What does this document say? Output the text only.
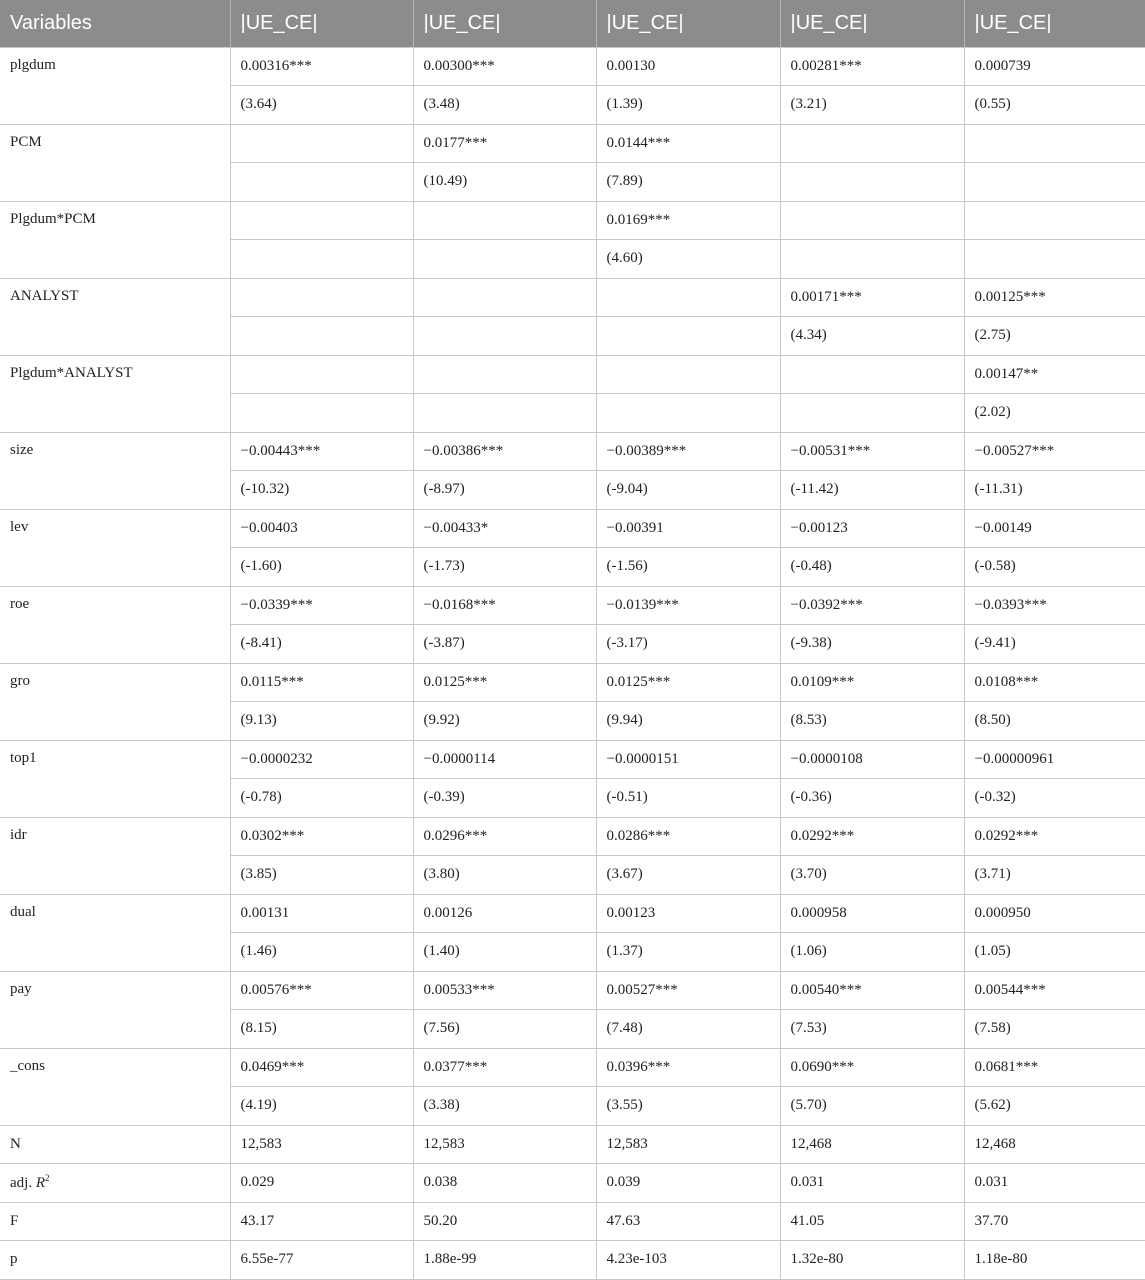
Variables	|UE_CE|	|UE_CE|	|UE_CE|	|UE_CE|	|UE_CE|
plgdum	0.00316***	0.00300***	0.00130	0.00281***	0.000739
	(3.64)	(3.48)	(1.39)	(3.21)	(0.55)
PCM		0.0177***	0.0144***		
		(10.49)	(7.89)		
Plgdum*PCM			0.0169***		
			(4.60)		
ANALYST				0.00171***	0.00125***
				(4.34)	(2.75)
Plgdum*ANALYST					0.00147**
					(2.02)
size	−0.00443***	−0.00386***	−0.00389***	−0.00531***	−0.00527***
	(-10.32)	(-8.97)	(-9.04)	(-11.42)	(-11.31)
lev	−0.00403	−0.00433*	−0.00391	−0.00123	−0.00149
	(-1.60)	(-1.73)	(-1.56)	(-0.48)	(-0.58)
roe	−0.0339***	−0.0168***	−0.0139***	−0.0392***	−0.0393***
	(-8.41)	(-3.87)	(-3.17)	(-9.38)	(-9.41)
gro	0.0115***	0.0125***	0.0125***	0.0109***	0.0108***
	(9.13)	(9.92)	(9.94)	(8.53)	(8.50)
top1	−0.0000232	−0.0000114	−0.0000151	−0.0000108	−0.00000961
	(-0.78)	(-0.39)	(-0.51)	(-0.36)	(-0.32)
idr	0.0302***	0.0296***	0.0286***	0.0292***	0.0292***
	(3.85)	(3.80)	(3.67)	(3.70)	(3.71)
dual	0.00131	0.00126	0.00123	0.000958	0.000950
	(1.46)	(1.40)	(1.37)	(1.06)	(1.05)
pay	0.00576***	0.00533***	0.00527***	0.00540***	0.00544***
	(8.15)	(7.56)	(7.48)	(7.53)	(7.58)
_cons	0.0469***	0.0377***	0.0396***	0.0690***	0.0681***
	(4.19)	(3.38)	(3.55)	(5.70)	(5.62)
N	12,583	12,583	12,583	12,468	12,468
adj. $R^2$	0.029	0.038	0.039	0.031	0.031
F	43.17	50.20	47.63	41.05	37.70
p	6.55e-77	1.88e-99	4.23e-103	1.32e-80	1.18e-80
